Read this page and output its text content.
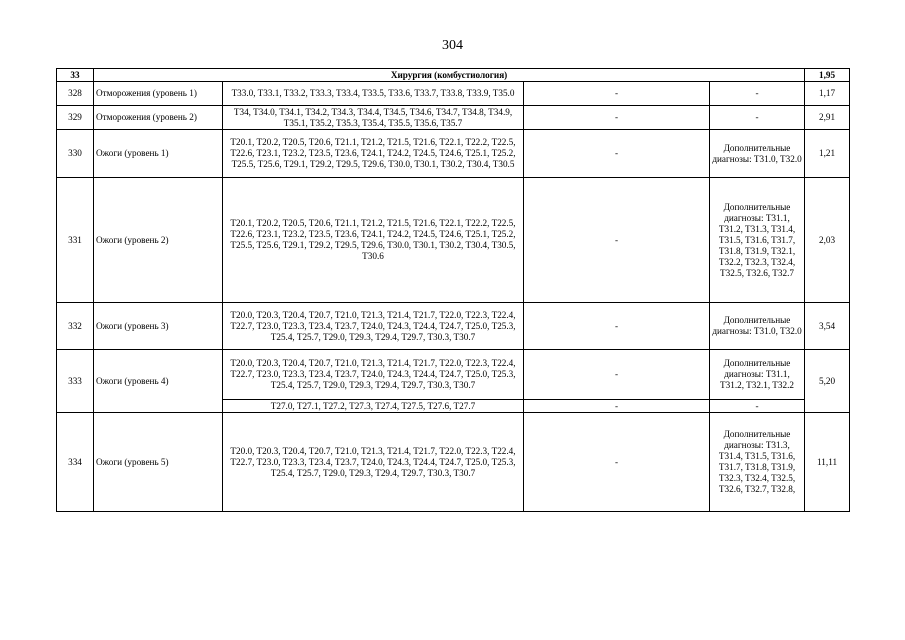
304
33	Хирургия (комбустиология)				1,95
328	Отморожения (уровень 1)	T33.0, T33.1, T33.2, T33.3, T33.4, T33.5, T33.6, T33.7, T33.8, T33.9, T35.0	-	-	1,17
329	Отморожения (уровень 2)	T34, T34.0, T34.1, T34.2, T34.3, T34.4, T34.5, T34.6, T34.7, T34.8, T34.9, T35.1, T35.2, T35.3, T35.4, T35.5, T35.6, T35.7	-	-	2,91
330	Ожоги (уровень 1)	T20.1, T20.2, T20.5, T20.6, T21.1, T21.2, T21.5, T21.6, T22.1, T22.2, T22.5, T22.6, T23.1, T23.2, T23.5, T23.6, T24.1, T24.2, T24.5, T24.6, T25.1, T25.2, T25.5, T25.6, T29.1, T29.2, T29.5, T29.6, T30.0, T30.1, T30.2, T30.4, T30.5	-	Дополнительные диагнозы: T31.0, T32.0	1,21
331	Ожоги (уровень 2)	T20.1, T20.2, T20.5, T20.6, T21.1, T21.2, T21.5, T21.6, T22.1, T22.2, T22.5, T22.6, T23.1, T23.2, T23.5, T23.6, T24.1, T24.2, T24.5, T24.6, T25.1, T25.2, T25.5, T25.6, T29.1, T29.2, T29.5, T29.6, T30.0, T30.1, T30.2, T30.4, T30.5, T30.6	-	Дополнительные диагнозы: T31.1, T31.2, T31.3, T31.4, T31.5, T31.6, T31.7, T31.8, T31.9, T32.1, T32.2, T32.3, T32.4, T32.5, T32.6, T32.7	2,03
332	Ожоги (уровень 3)	T20.0, T20.3, T20.4, T20.7, T21.0, T21.3, T21.4, T21.7, T22.0, T22.3, T22.4, T22.7, T23.0, T23.3, T23.4, T23.7, T24.0, T24.3, T24.4, T24.7, T25.0, T25.3, T25.4, T25.7, T29.0, T29.3, T29.4, T29.7, T30.3, T30.7	-	Дополнительные диагнозы: T31.0, T32.0	3,54
333	Ожоги (уровень 4)	T20.0, T20.3, T20.4, T20.7, T21.0, T21.3, T21.4, T21.7, T22.0, T22.3, T22.4, T22.7, T23.0, T23.3, T23.4, T23.7, T24.0, T24.3, T24.4, T24.7, T25.0, T25.3, T25.4, T25.7, T29.0, T29.3, T29.4, T29.7, T30.3, T30.7	-	Дополнительные диагнозы: T31.1, T31.2, T32.1, T32.2	5,20
		T27.0, T27.1, T27.2, T27.3, T27.4, T27.5, T27.6, T27.7	-	-	
334	Ожоги (уровень 5)	T20.0, T20.3, T20.4, T20.7, T21.0, T21.3, T21.4, T21.7, T22.0, T22.3, T22.4, T22.7, T23.0, T23.3, T23.4, T23.7, T24.0, T24.3, T24.4, T24.7, T25.0, T25.3, T25.4, T25.7, T29.0, T29.3, T29.4, T29.7, T30.3, T30.7	-	Дополнительные диагнозы: T31.3, T31.4, T31.5, T31.6, T31.7, T31.8, T31.9, T32.3, T32.4, T32.5, T32.6, T32.7, T32.8,	11,11
